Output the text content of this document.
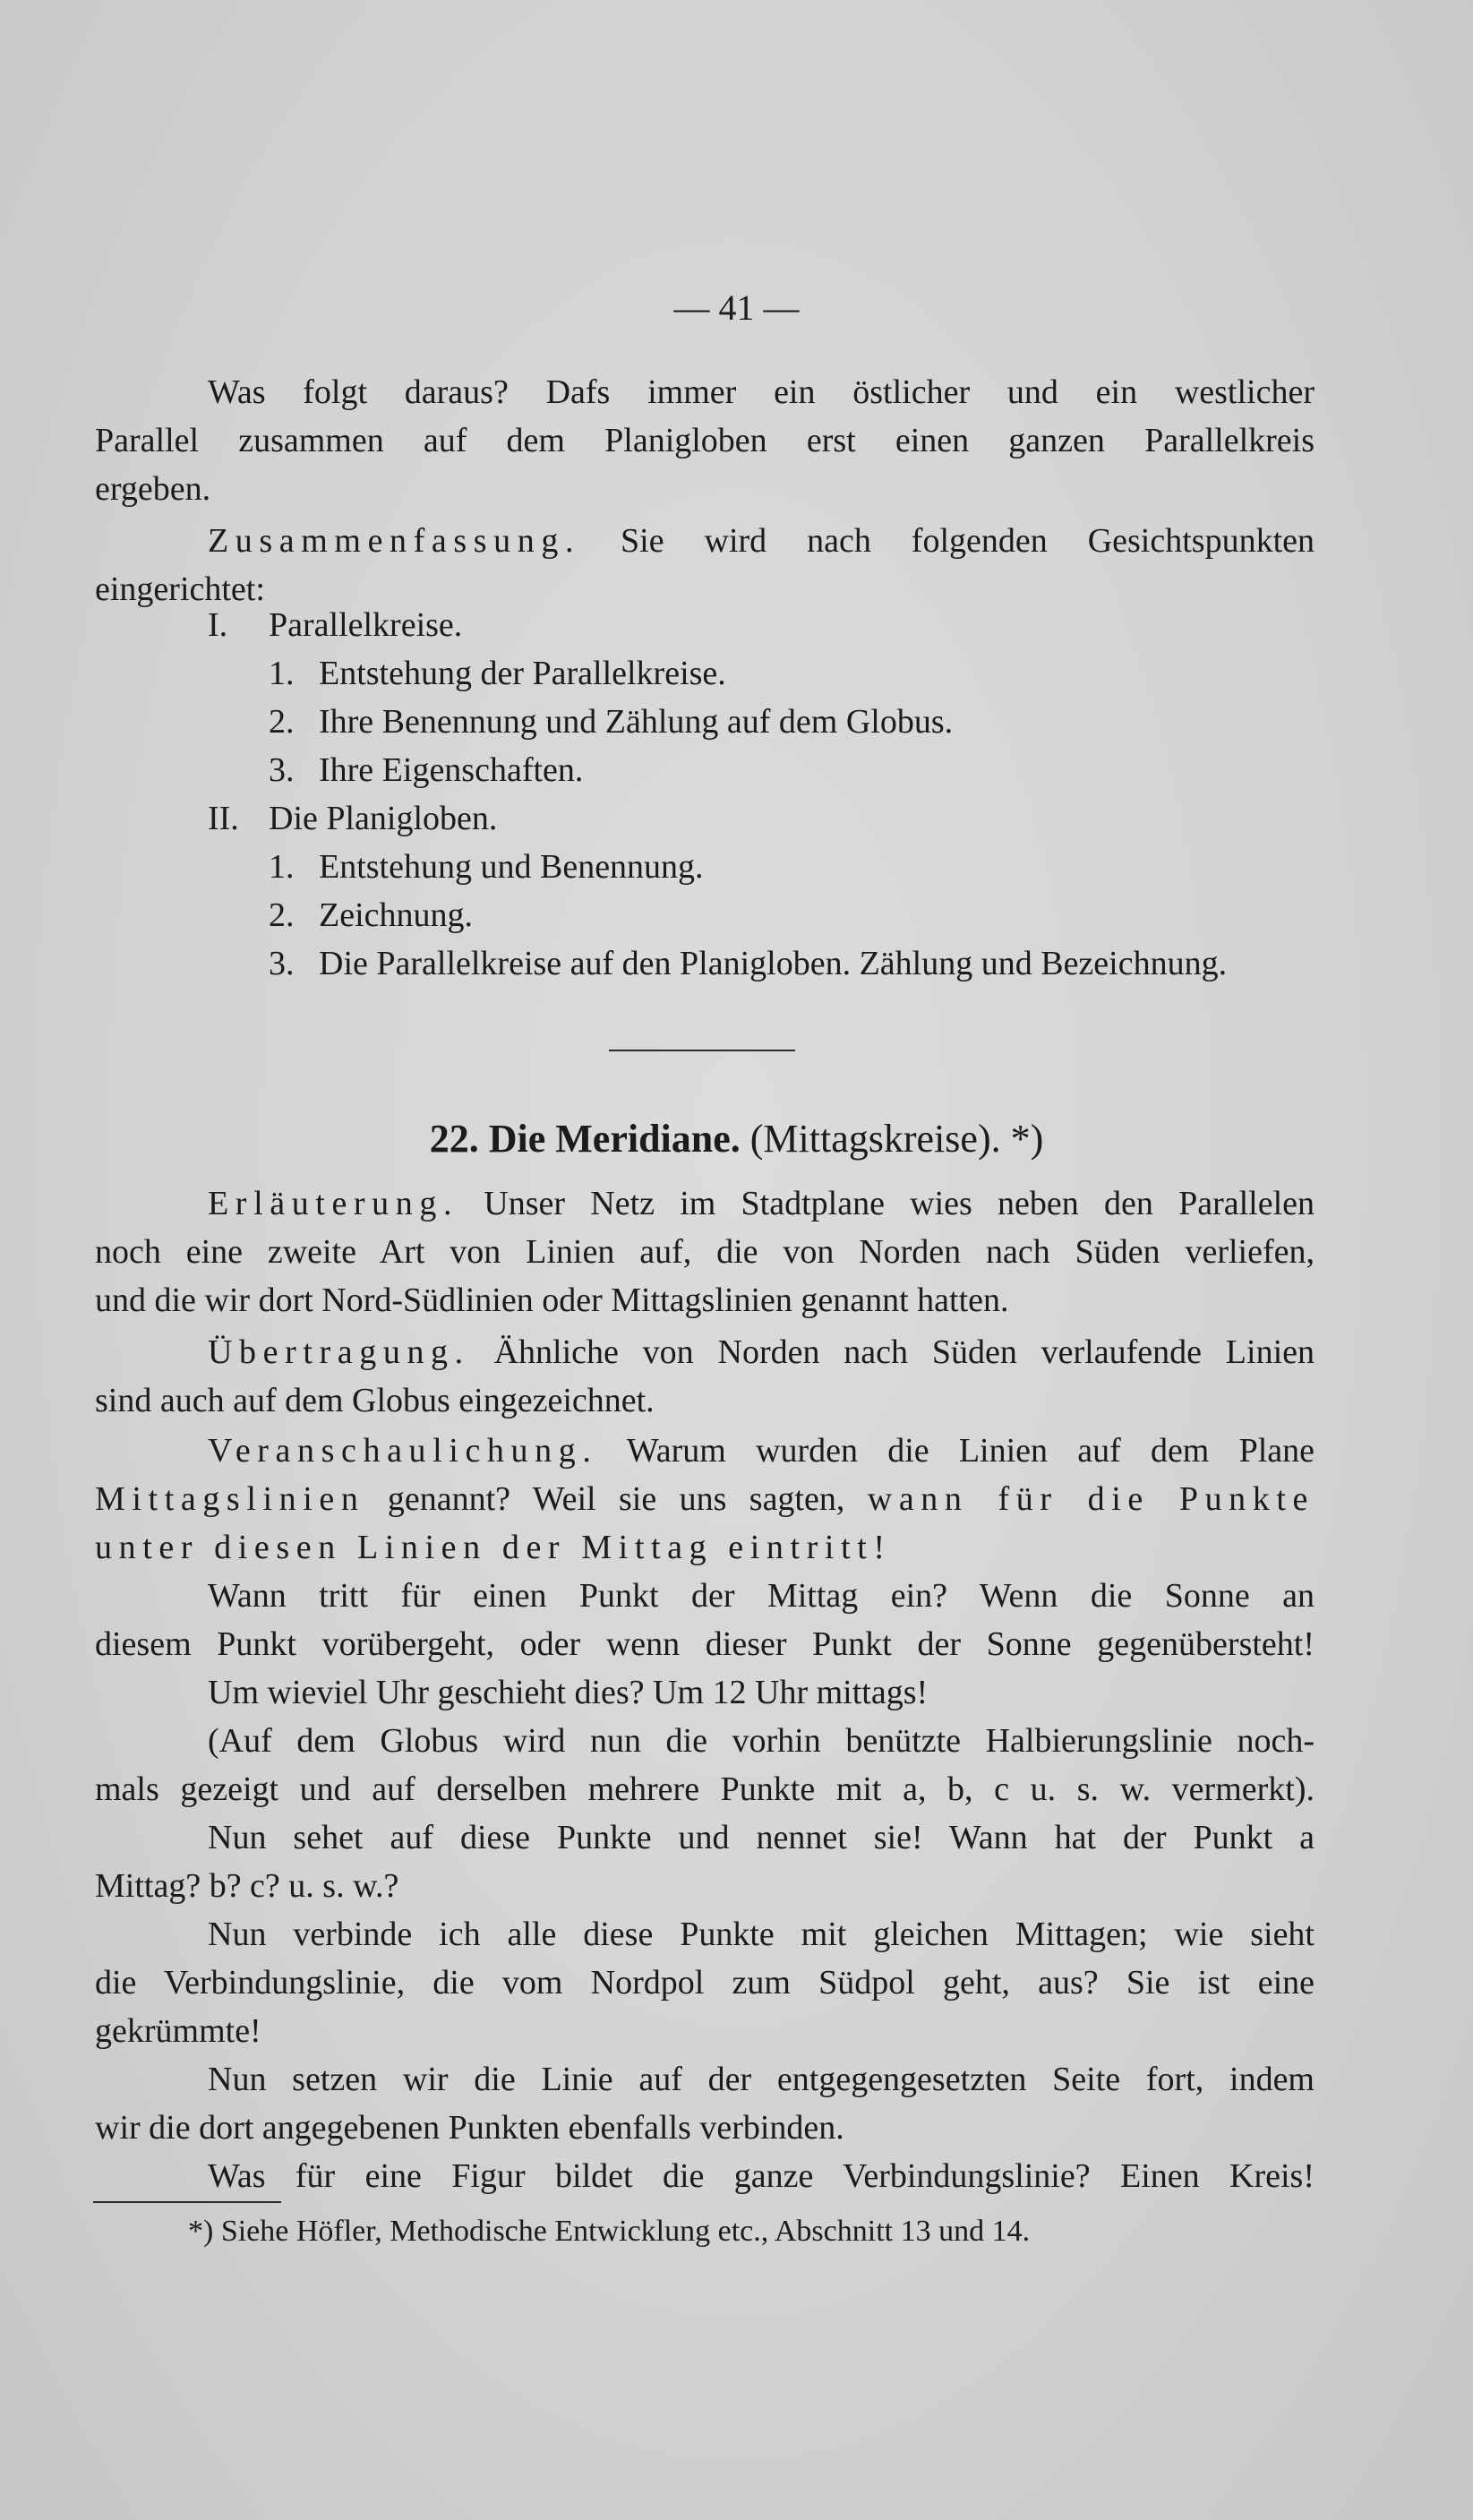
— 41 —
Was folgt daraus? Dafs immer ein östlicher und ein westlicher
Parallel zusammen auf dem Planigloben erst einen ganzen Parallelkreis
ergeben.
Zusammenfassung. Sie wird nach folgenden Gesichtspunkten
eingerichtet:
I. Parallelkreise.
1. Entstehung der Parallelkreise.
2. Ihre Benennung und Zählung auf dem Globus.
3. Ihre Eigenschaften.
II. Die Planigloben.
1. Entstehung und Benennung.
2. Zeichnung.
3. Die Parallelkreise auf den Planigloben. Zählung und Bezeichnung.
22. Die Meridiane. (Mittagskreise). *)
Erläuterung. Unser Netz im Stadtplane wies neben den Parallelen
noch eine zweite Art von Linien auf, die von Norden nach Süden verliefen,
und die wir dort Nord-Südlinien oder Mittagslinien genannt hatten.
Übertragung. Ähnliche von Norden nach Süden verlaufende Linien
sind auch auf dem Globus eingezeichnet.
Veranschaulichung. Warum wurden die Linien auf dem Plane
Mittagslinien genannt? Weil sie uns sagten, wann für die Punkte
unter diesen Linien der Mittag eintritt!
Wann tritt für einen Punkt der Mittag ein? Wenn die Sonne an
diesem Punkt vorübergeht, oder wenn dieser Punkt der Sonne gegenübersteht!
Um wieviel Uhr geschieht dies? Um 12 Uhr mittags!
(Auf dem Globus wird nun die vorhin benützte Halbierungslinie noch-
mals gezeigt und auf derselben mehrere Punkte mit a, b, c u. s. w. vermerkt).
Nun sehet auf diese Punkte und nennet sie! Wann hat der Punkt a
Mittag? b? c? u. s. w.?
Nun verbinde ich alle diese Punkte mit gleichen Mittagen; wie sieht
die Verbindungslinie, die vom Nordpol zum Südpol geht, aus? Sie ist eine
gekrümmte!
Nun setzen wir die Linie auf der entgegengesetzten Seite fort, indem
wir die dort angegebenen Punkten ebenfalls verbinden.
Was für eine Figur bildet die ganze Verbindungslinie? Einen Kreis!
*) Siehe Höfler, Methodische Entwicklung etc., Abschnitt 13 und 14.
